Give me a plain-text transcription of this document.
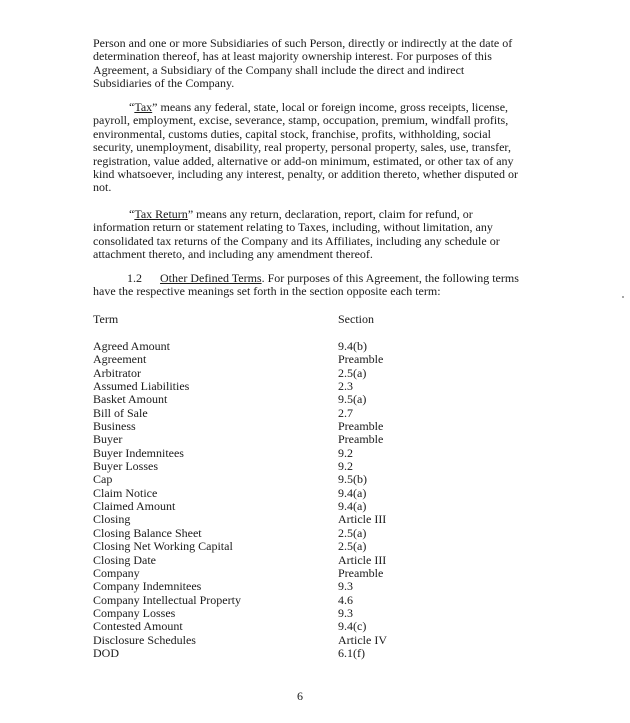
Person and one or more Subsidiaries of such Person, directly or indirectly at the date of determination thereof, has at least majority ownership interest. For purposes of this Agreement, a Subsidiary of the Company shall include the direct and indirect Subsidiaries of the Company.

“Tax” means any federal, state, local or foreign income, gross receipts, license, payroll, employment, excise, severance, stamp, occupation, premium, windfall profits, environmental, customs duties, capital stock, franchise, profits, withholding, social security, unemployment, disability, real property, personal property, sales, use, transfer, registration, value added, alternative or add-on minimum, estimated, or other tax of any kind whatsoever, including any interest, penalty, or addition thereto, whether disputed or not.

“Tax Return” means any return, declaration, report, claim for refund, or information return or statement relating to Taxes, including, without limitation, any consolidated tax returns of the Company and its Affiliates, including any schedule or attachment thereto, and including any amendment thereof.

1.2 Other Defined Terms. For purposes of this Agreement, the following terms have the respective meanings set forth in the section opposite each term:
Term	Section
Agreed Amount	9.4(b)
Agreement	Preamble
Arbitrator	2.5(a)
Assumed Liabilities	2.3
Basket Amount	9.5(a)
Bill of Sale	2.7
Business	Preamble
Buyer	Preamble
Buyer Indemnitees	9.2
Buyer Losses	9.2
Cap	9.5(b)
Claim Notice	9.4(a)
Claimed Amount	9.4(a)
Closing	Article III
Closing Balance Sheet	2.5(a)
Closing Net Working Capital	2.5(a)
Closing Date	Article III
Company	Preamble
Company Indemnitees	9.3
Company Intellectual Property	4.6
Company Losses	9.3
Contested Amount	9.4(c)
Disclosure Schedules	Article IV
DOD	6.1(f)
6
